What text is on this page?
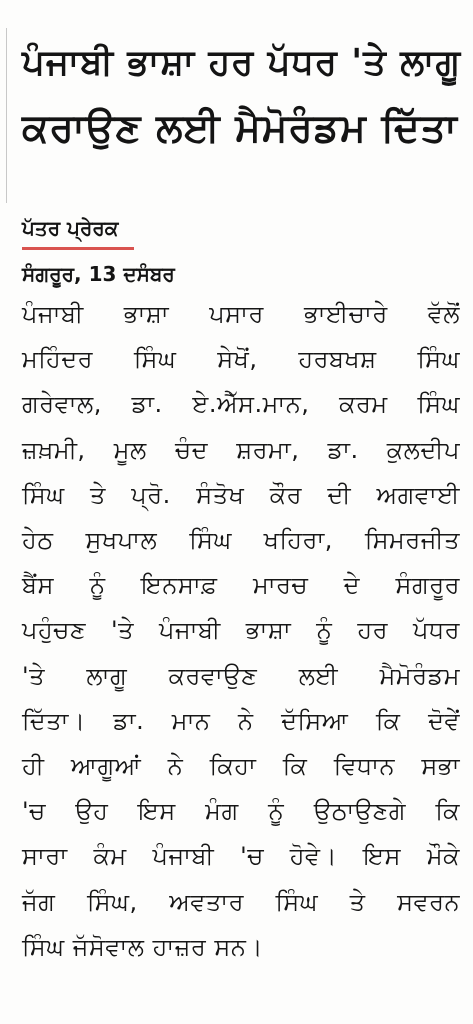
ਪੰਜਾਬੀ ਭਾਸ਼ਾ ਹਰ ਪੱਧਰ 'ਤੇ ਲਾਗੂ
ਕਰਾਉਣ ਲਈ ਮੈਮੋਰੰਡਮ ਦਿੱਤਾ
ਪੱਤਰ ਪ੍ਰੇਰਕ
ਸੰਗਰੂਰ, 13 ਦਸੰਬਰ
ਪੰਜਾਬੀ ਭਾਸ਼ਾ ਪਸਾਰ ਭਾਈਚਾਰੇ ਵੱਲੋਂ
ਮਹਿੰਦਰ ਸਿੰਘ ਸੇਖੋਂ, ਹਰਬਖਸ਼ ਸਿੰਘ
ਗਰੇਵਾਲ, ਡਾ. ਏ.ਐੱਸ.ਮਾਨ, ਕਰਮ ਸਿੰਘ
ਜ਼ਖ਼ਮੀ, ਮੂਲ ਚੰਦ ਸ਼ਰਮਾ, ਡਾ. ਕੁਲਦੀਪ
ਸਿੰਘ ਤੇ ਪ੍ਰੋ. ਸੰਤੋਖ ਕੌਰ ਦੀ ਅਗਵਾਈ
ਹੇਠ ਸੁਖਪਾਲ ਸਿੰਘ ਖਹਿਰਾ, ਸਿਮਰਜੀਤ
ਬੈਂਸ ਨੂੰ ਇਨਸਾਫ਼ ਮਾਰਚ ਦੇ ਸੰਗਰੂਰ
ਪਹੁੰਚਣ 'ਤੇ ਪੰਜਾਬੀ ਭਾਸ਼ਾ ਨੂੰ ਹਰ ਪੱਧਰ
'ਤੇ ਲਾਗੂ ਕਰਵਾਉਣ ਲਈ ਮੈਮੋਰੰਡਮ
ਦਿੱਤਾ। ਡਾ. ਮਾਨ ਨੇ ਦੱਸਿਆ ਕਿ ਦੋਵੇਂ
ਹੀ ਆਗੂਆਂ ਨੇ ਕਿਹਾ ਕਿ ਵਿਧਾਨ ਸਭਾ
'ਚ ਉਹ ਇਸ ਮੰਗ ਨੂੰ ਉਠਾਉਣਗੇ ਕਿ
ਸਾਰਾ ਕੰਮ ਪੰਜਾਬੀ 'ਚ ਹੋਵੇ। ਇਸ ਮੌਕੇ
ਜੱਗ ਸਿੰਘ, ਅਵਤਾਰ ਸਿੰਘ ਤੇ ਸਵਰਨ
ਸਿੰਘ ਜੱਸੋਵਾਲ ਹਾਜ਼ਰ ਸਨ।
